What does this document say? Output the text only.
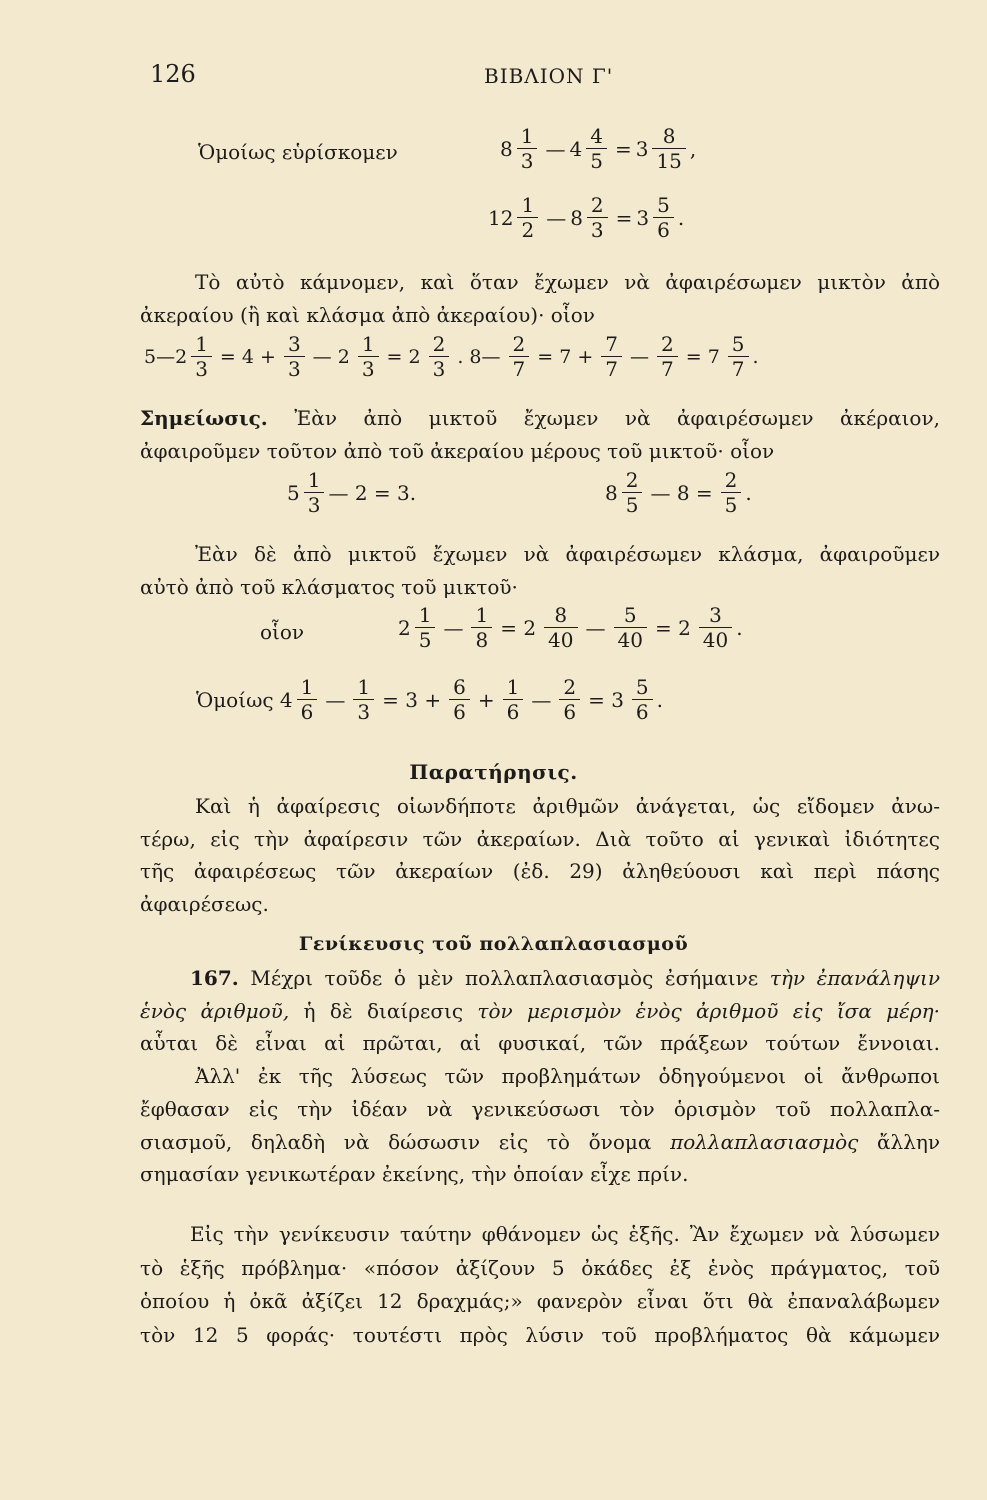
126	ΒΙΒΛΙΟΝ Γ'
Ὁμοίως εὑρίσκομεν	$8 \frac{1}{3}$ — $4 \frac{4}{5} = 3 \frac{8}{15}$ ,
$12 \frac{1}{2}$ — $8 \frac{2}{3} = 3 \frac{5}{6}$ .
Τὸ αὐτὸ κάμνομεν, καὶ ὅταν ἔχωμεν νὰ ἀφαιρέσωμεν μικτὸν ἀπὸ
ἀκεραίου (ἢ καὶ κλάσμα ἀπὸ ἀκεραίου)· οἷον
5—2 $\frac{1}{3} = 4 + \frac{3}{3}$ — $2 \frac{1}{3} = 2 \frac{2}{3}$ . 8— $\frac{2}{7} = 7 + \frac{7}{7}$ — $\frac{2}{7} = 7 \frac{5}{7}$ .
Σημείωσις. Ἐὰν ἀπὸ μικτοῦ ἔχωμεν νὰ ἀφαιρέσωμεν ἀκέραιον,
ἀφαιροῦμεν τοῦτον ἀπὸ τοῦ ἀκεραίου μέρους τοῦ μικτοῦ· οἷον
$5 \frac{1}{3}$ — 2 = 3.	$8 \frac{2}{5}$ — $8 = \frac{2}{5}$ .
Ἐὰν δὲ ἀπὸ μικτοῦ ἔχωμεν νὰ ἀφαιρέσωμεν κλάσμα, ἀφαιροῦμεν
αὐτὸ ἀπὸ τοῦ κλάσματος τοῦ μικτοῦ·
οἷον	$2 \frac{1}{5}$ — $\frac{1}{8} = 2 \frac{8}{40}$ — $\frac{5}{40} = 2 \frac{3}{40}$ .
Ὁμοίως $4 \frac{1}{6}$ — $\frac{1}{3} = 3 + \frac{6}{6} + \frac{1}{6}$ — $\frac{2}{6} = 3 \frac{5}{6}$ .
Παρατήρησις.
Καὶ ἡ ἀφαίρεσις οἱωνδήποτε ἀριθμῶν ἀνάγεται, ὡς εἴδομεν ἀνω-
τέρω, εἰς τὴν ἀφαίρεσιν τῶν ἀκεραίων. Διὰ τοῦτο αἱ γενικαὶ ἰδιότητες
τῆς ἀφαιρέσεως τῶν ἀκεραίων (ἐδ. 29) ἀληθεύουσι καὶ περὶ πάσης
ἀφαιρέσεως.
Γενίκευσις τοῦ πολλαπλασιασμοῦ
167. Μέχρι τοῦδε ὁ μὲν πολλαπλασιασμὸς ἐσήμαινε τὴν ἐπανάληψιν
ἑνὸς ἀριθμοῦ, ἡ δὲ διαίρεσις τὸν μερισμὸν ἑνὸς ἀριθμοῦ εἰς ἴσα μέρη·
αὗται δὲ εἶναι αἱ πρῶται, αἱ φυσικαί, τῶν πράξεων τούτων ἔννοιαι.
Ἀλλ' ἐκ τῆς λύσεως τῶν προβλημάτων ὁδηγούμενοι οἱ ἄνθρωποι
ἔφθασαν εἰς τὴν ἰδέαν νὰ γενικεύσωσι τὸν ὁρισμὸν τοῦ πολλαπλα-
σιασμοῦ, δηλαδὴ νὰ δώσωσιν εἰς τὸ ὄνομα πολλαπλασιασμὸς ἄλλην
σημασίαν γενικωτέραν ἐκείνης, τὴν ὁποίαν εἶχε πρίν.
Εἰς τὴν γενίκευσιν ταύτην φθάνομεν ὡς ἑξῆς. Ἂν ἔχωμεν νὰ λύσωμεν
τὸ ἑξῆς πρόβλημα· «πόσον ἀξίζουν 5 ὀκάδες ἐξ ἑνὸς πράγματος, τοῦ
ὁποίου ἡ ὀκᾶ ἀξίζει 12 δραχμάς;» φανερὸν εἶναι ὅτι θὰ ἐπαναλάβωμεν
τὸν 12 5 φοράς· τουτέστι πρὸς λύσιν τοῦ προβλήματος θὰ κάμωμεν
